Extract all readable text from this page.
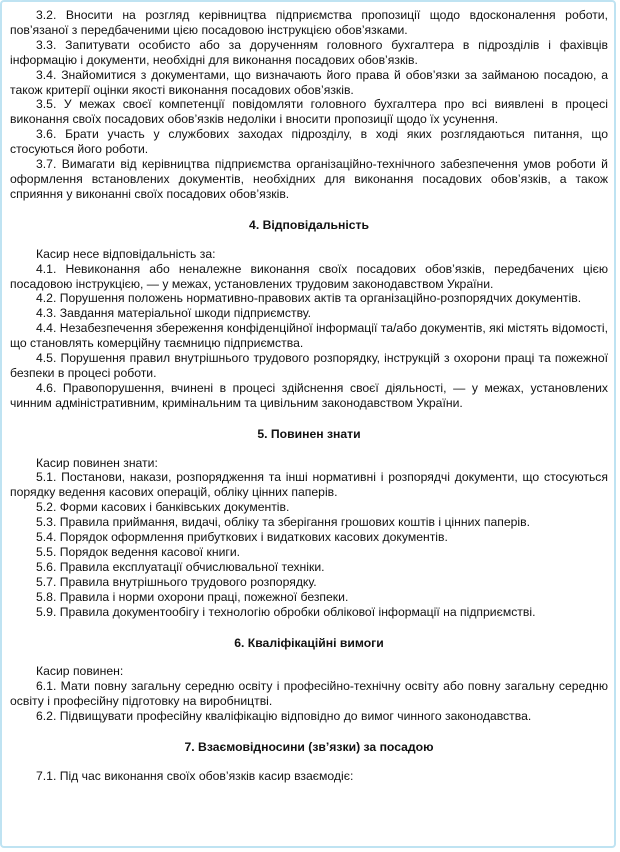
3.2. Вносити на розгляд керівництва підприємства пропозиції щодо вдосконалення роботи, пов’язаної з передбаченими цією посадовою інструкцією обов’язками.

3.3. Запитувати особисто або за дорученням головного бухгалтера в підрозділів і фахівців інформацію і документи, необхідні для виконання посадових обов’язків.

3.4. Знайомитися з документами, що визначають його права й обов’язки за займаною посадою, а також критерії оцінки якості виконання посадових обов’язків.

3.5. У межах своєї компетенції повідомляти головного бухгалтера про всі виявлені в процесі виконання своїх посадових обов’язків недоліки і вносити пропозиції щодо їх усунення.

3.6. Брати участь у службових заходах підрозділу, в ході яких розглядаються питання, що стосуються його роботи.

3.7. Вимагати від керівництва підприємства організаційно-технічного забезпечення умов роботи й оформлення встановлених документів, необхідних для виконання посадових обов’язків, а також сприяння у виконанні своїх посадових обов’язків.

4. Відповідальність

Касир несе відповідальність за:

4.1. Невиконання або неналежне виконання своїх посадових обов’язків, передбачених цією посадовою інструкцією, — у межах, установлених трудовим законодавством України.

4.2. Порушення положень нормативно-правових актів та організаційно-розпорядчих документів.

4.3. Завдання матеріальної шкоди підприємству.

4.4. Незабезпечення збереження конфіденційної інформації та/або документів, які містять відомості, що становлять комерційну таємницю підприємства.

4.5. Порушення правил внутрішнього трудового розпорядку, інструкцій з охорони праці та пожежної безпеки в процесі роботи.

4.6. Правопорушення, вчинені в процесі здійснення своєї діяльності, — у межах, установлених чинним адміністративним, кримінальним та цивільним законодавством України.

5. Повинен знати

Касир повинен знати:

5.1. Постанови, накази, розпорядження та інші нормативні і розпорядчі документи, що стосуються порядку ведення касових операцій, обліку цінних паперів.

5.2. Форми касових і банківських документів.

5.3. Правила приймання, видачі, обліку та зберігання грошових коштів і цінних паперів.

5.4. Порядок оформлення прибуткових і видаткових касових документів.

5.5. Порядок ведення касової книги.

5.6. Правила експлуатації обчислювальної техніки.

5.7. Правила внутрішнього трудового розпорядку.

5.8. Правила і норми охорони праці, пожежної безпеки.

5.9. Правила документообігу і технологію обробки облікової інформації на підприємстві.

6. Кваліфікаційні вимоги

Касир повинен:

6.1. Мати повну загальну середню освіту і професійно-технічну освіту або повну загальну середню освіту і професійну підготовку на виробництві.

6.2. Підвищувати професійну кваліфікацію відповідно до вимог чинного законодавства.

7. Взаємовідносини (зв’язки) за посадою

7.1. Під час виконання своїх обов’язків касир взаємодіє:
